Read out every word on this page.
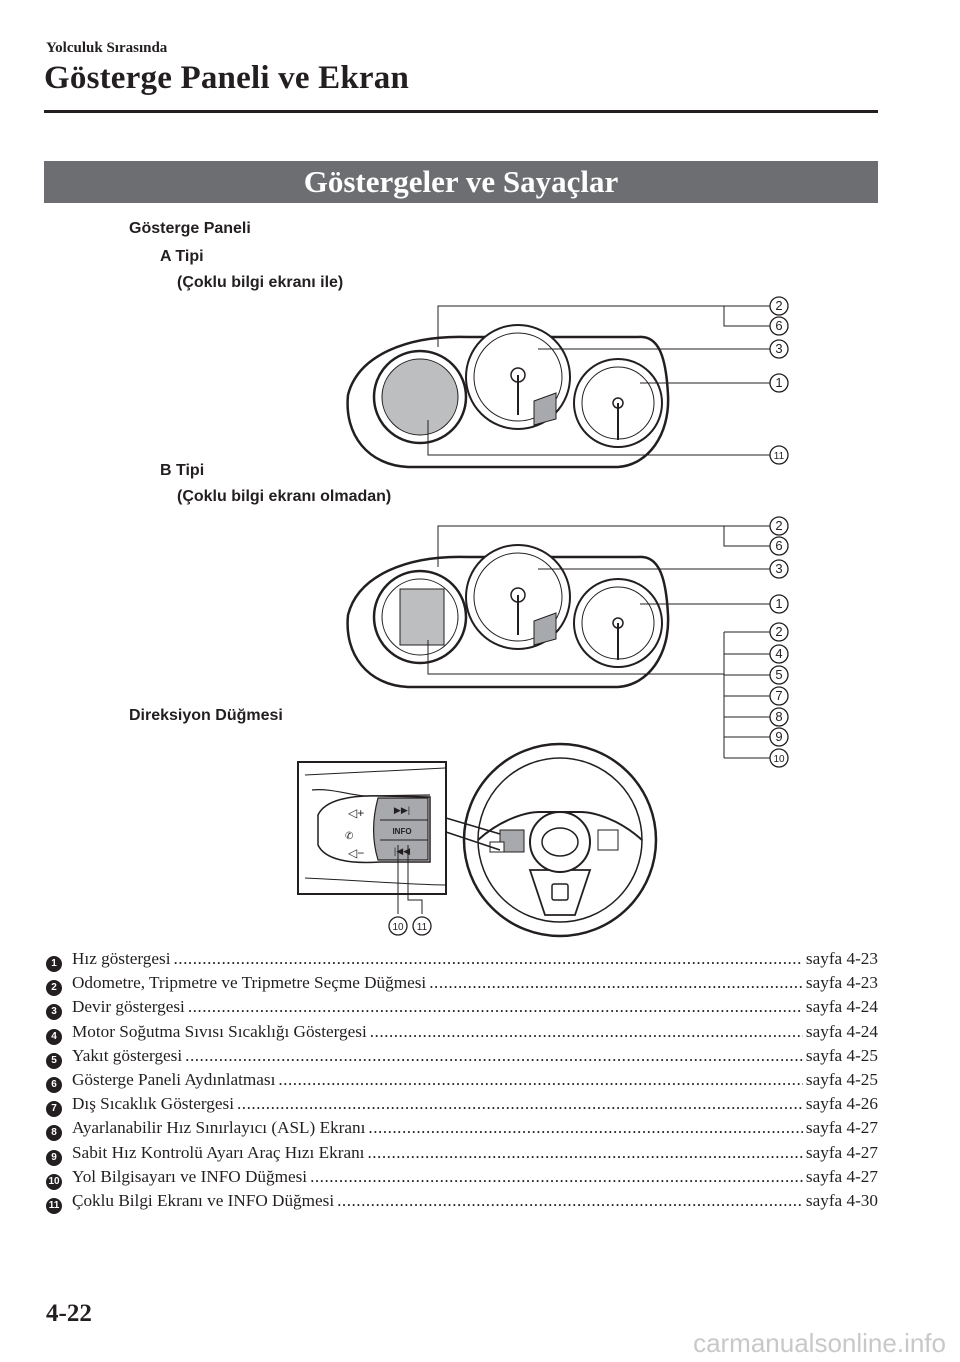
Yolculuk Sırasında
Gösterge Paneli ve Ekran
Göstergeler ve Sayaçlar
Gösterge Paneli
A Tipi
(Çoklu bilgi ekranı ile)
B Tipi
(Çoklu bilgi ekranı olmadan)
Direksiyon Düğmesi
▶▶|
INFO
|◀◀
◁+
✆
◁−
2
6
3
1
11
2
6
3
1
2
4
5
7
8
9
10
10 11
1 Hız göstergesi .....	sayfa 4-23
2 Odometre, Tripmetre ve Tripmetre Seçme Düğmesi .....	sayfa 4-23
3 Devir göstergesi .....	sayfa 4-24
4 Motor Soğutma Sıvısı Sıcaklığı Göstergesi .....	sayfa 4-24
5 Yakıt göstergesi .....	sayfa 4-25
6 Gösterge Paneli Aydınlatması .....	sayfa 4-25
7 Dış Sıcaklık Göstergesi .....	sayfa 4-26
8 Ayarlanabilir Hız Sınırlayıcı (ASL) Ekranı .....	sayfa 4-27
9 Sabit Hız Kontrolü Ayarı Araç Hızı Ekranı .....	sayfa 4-27
10 Yol Bilgisayarı ve INFO Düğmesi .....	sayfa 4-27
11 Çoklu Bilgi Ekranı ve INFO Düğmesi .....	sayfa 4-30
4-22
carmanualsonline.info
